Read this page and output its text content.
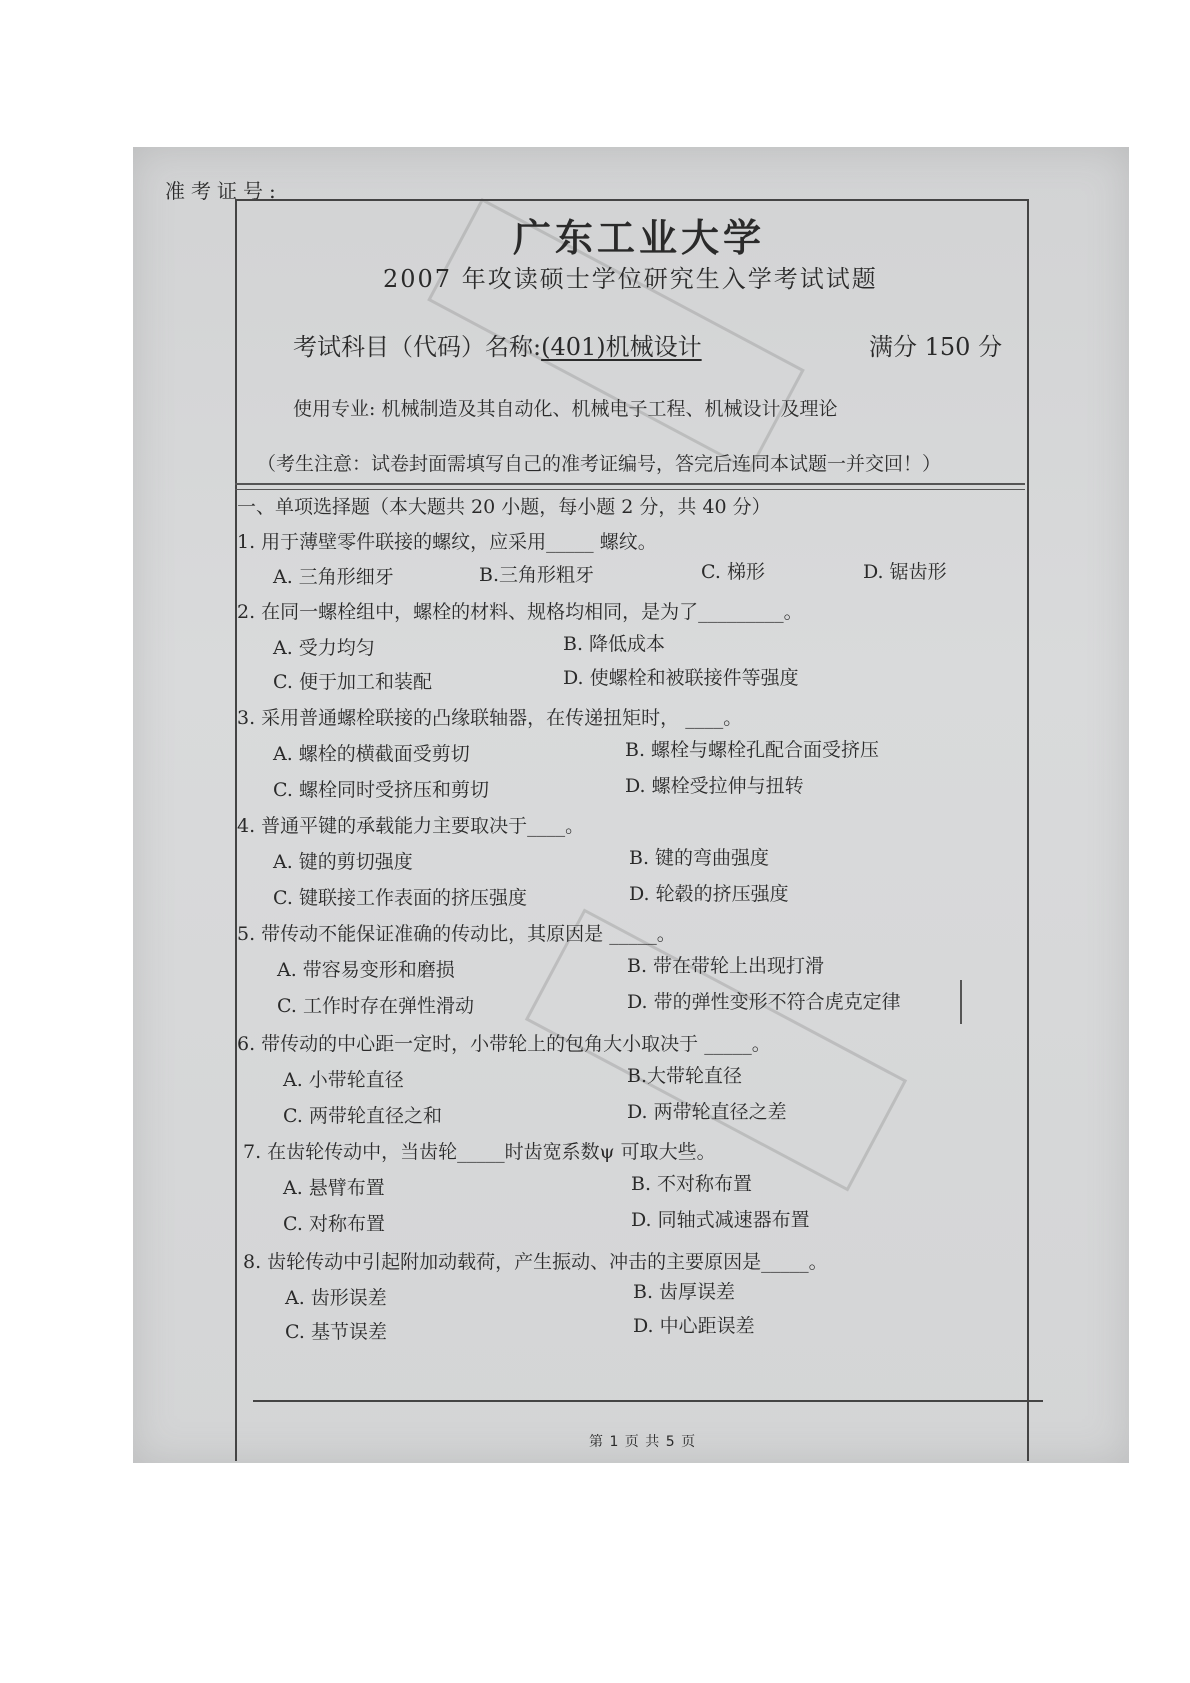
准考证号:
广东工业大学
2007 年攻读硕士学位研究生入学考试试题
考试科目（代码）名称:(401)机械设计	满分 150 分
使用专业: 机械制造及其自动化、机械电子工程、机械设计及理论
（考生注意：试卷封面需填写自己的准考证编号，答完后连同本试题一并交回！）
一、单项选择题（本大题共 20 小题，每小题 2 分，共 40 分）
1. 用于薄壁零件联接的螺纹，应采用_____ 螺纹。
A. 三角形细牙	B.三角形粗牙	C. 梯形	D. 锯齿形
2. 在同一螺栓组中，螺栓的材料、规格均相同，是为了_________。
A. 受力均匀	B. 降低成本
C. 便于加工和装配	D. 使螺栓和被联接件等强度
3. 采用普通螺栓联接的凸缘联轴器，在传递扭矩时， ____。
A. 螺栓的横截面受剪切	B. 螺栓与螺栓孔配合面受挤压
C. 螺栓同时受挤压和剪切	D. 螺栓受拉伸与扭转
4. 普通平键的承载能力主要取决于____。
A. 键的剪切强度	B. 键的弯曲强度
C. 键联接工作表面的挤压强度	D. 轮毂的挤压强度
5. 带传动不能保证准确的传动比，其原因是 _____。
A. 带容易变形和磨损	B. 带在带轮上出现打滑
C. 工作时存在弹性滑动	D. 带的弹性变形不符合虎克定律
6. 带传动的中心距一定时，小带轮上的包角大小取决于 _____。
A. 小带轮直径	B.大带轮直径
C. 两带轮直径之和	D. 两带轮直径之差
7. 在齿轮传动中，当齿轮_____时齿宽系数ψ 可取大些。
A. 悬臂布置	B. 不对称布置
C. 对称布置	D. 同轴式减速器布置
8. 齿轮传动中引起附加动载荷，产生振动、冲击的主要原因是_____。
A. 齿形误差	B. 齿厚误差
C. 基节误差	D. 中心距误差
第 1 页 共 5 页
